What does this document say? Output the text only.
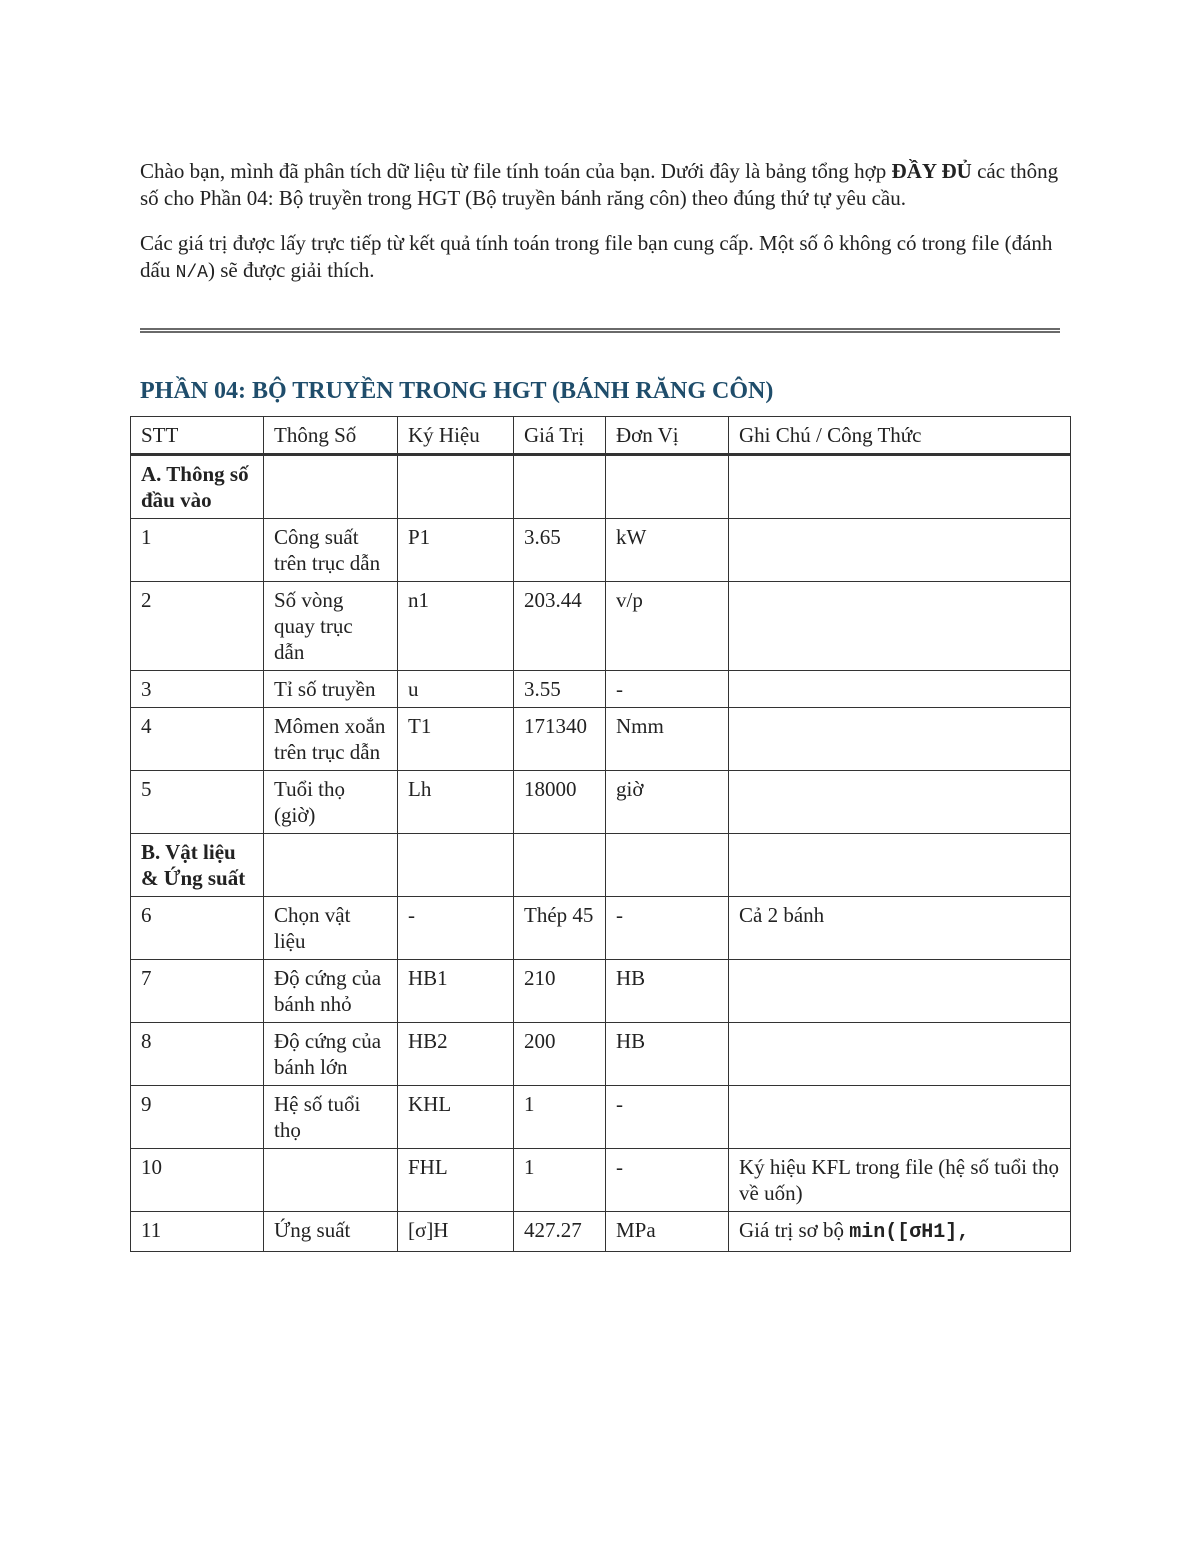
Chào bạn, mình đã phân tích dữ liệu từ file tính toán của bạn. Dưới đây là bảng tổng hợp ĐẦY ĐỦ các thông số cho Phần 04: Bộ truyền trong HGT (Bộ truyền bánh răng côn) theo đúng thứ tự yêu cầu.

Các giá trị được lấy trực tiếp từ kết quả tính toán trong file bạn cung cấp. Một số ô không có trong file (đánh dấu N/A) sẽ được giải thích.

PHẦN 04: BỘ TRUYỀN TRONG HGT (BÁNH RĂNG CÔN)
STT	Thông Số	Ký Hiệu	Giá Trị	Đơn Vị	Ghi Chú / Công Thức
A. Thông số đầu vào					
1	Công suất trên trục dẫn	P1	3.65	kW	
2	Số vòng quay trục dẫn	n1	203.44	v/p	
3	Tỉ số truyền	u	3.55	-	
4	Mômen xoắn trên trục dẫn	T1	171340	Nmm	
5	Tuổi thọ (giờ)	Lh	18000	giờ	
B. Vật liệu & Ứng suất					
6	Chọn vật liệu	-	Thép 45	-	Cả 2 bánh
7	Độ cứng của bánh nhỏ	HB1	210	HB	
8	Độ cứng của bánh lớn	HB2	200	HB	
9	Hệ số tuổi thọ	KHL	1	-	
10		FHL	1	-	Ký hiệu KFL trong file (hệ số tuổi thọ về uốn)
11	Ứng suất	[σ]H	427.27	MPa	Giá trị sơ bộ min([σH1],
